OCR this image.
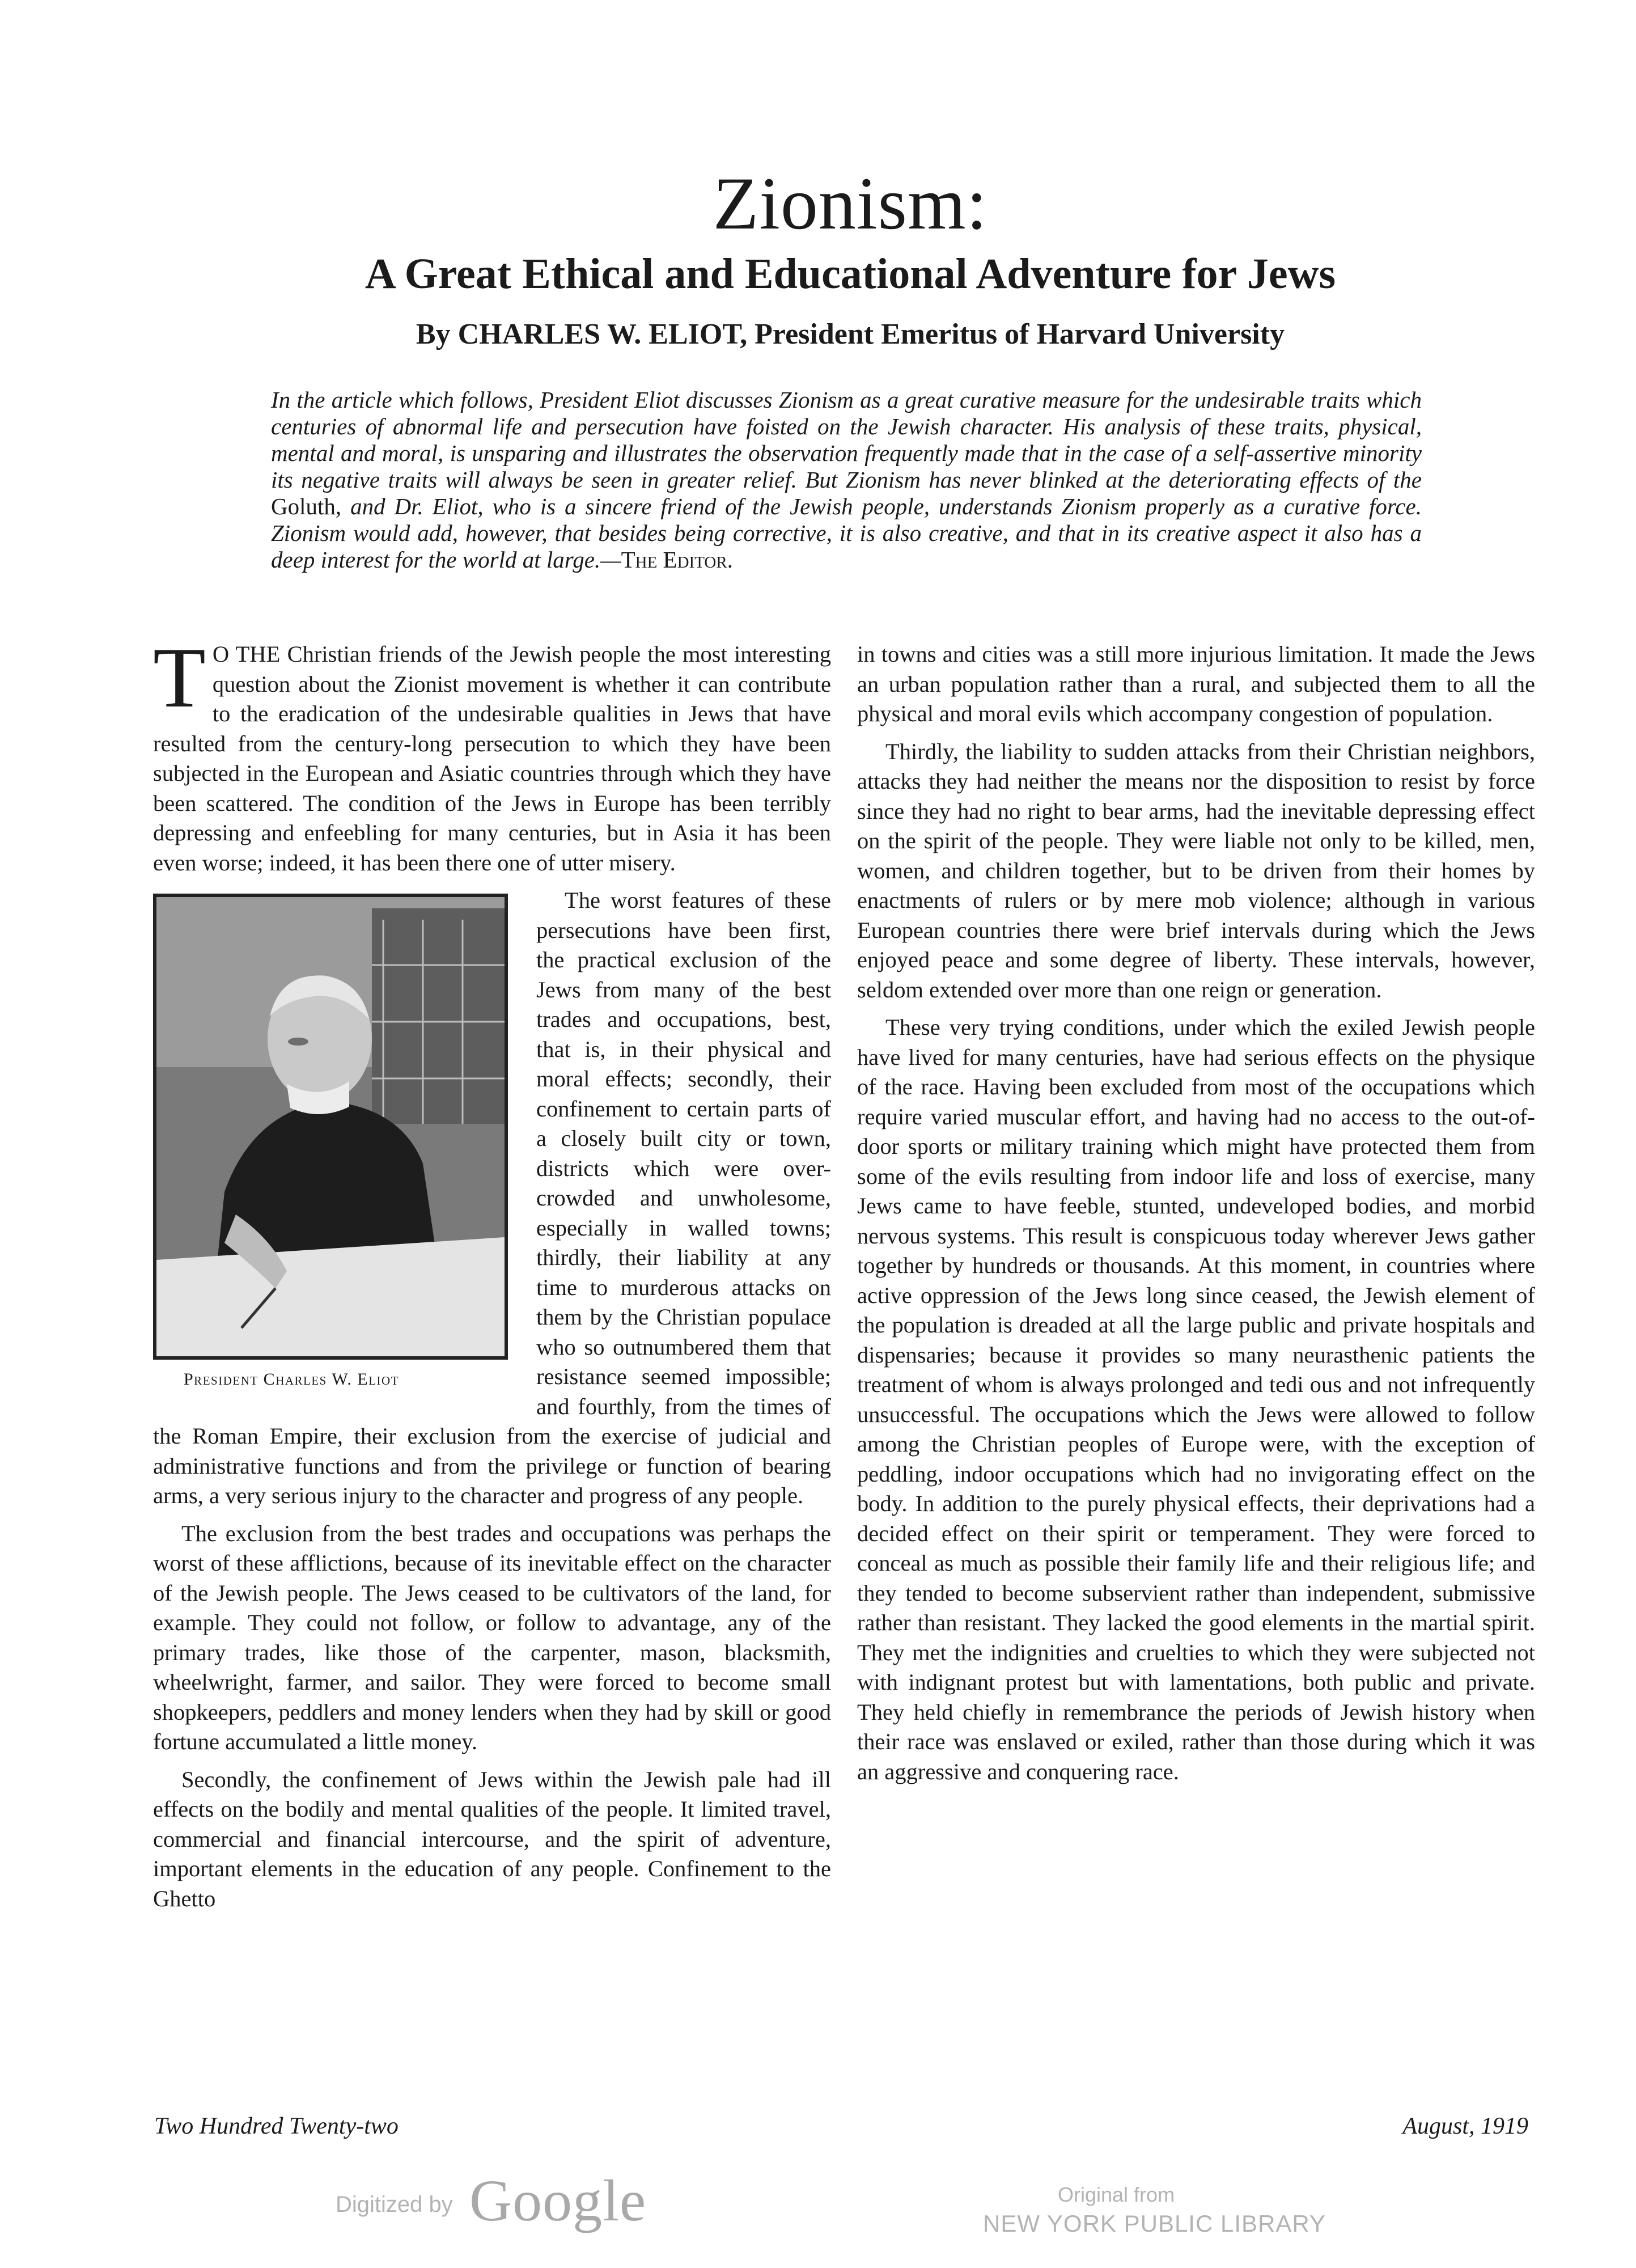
Zionism:
A Great Ethical and Educational Adventure for Jews
By CHARLES W. ELIOT, President Emeritus of Harvard University

In the article which follows, President Eliot discusses Zionism as a great curative measure for the undesirable traits which centuries of abnormal life and persecution have foisted on the Jewish character. His analysis of these traits, physical, mental and moral, is unsparing and illustrates the observation frequently made that in the case of a self-assertive minority its negative traits will always be seen in greater relief. But Zionism has never blinked at the deteriorating effects of the Goluth, and Dr. Eliot, who is a sincere friend of the Jewish people, understands Zionism properly as a curative force. Zionism would add, however, that besides being corrective, it is also creative, and that in its creative aspect it also has a deep interest for the world at large.—The Editor.

T O THE Christian friends of the Jewish people the most interesting question about the Zionist movement is whether it can contribute to the eradication of the undesirable qualities in Jews that have resulted from the century-long persecution to which they have been subjected in the European and Asiatic countries through which they have been scattered. The condition of the Jews in Europe has been terribly depressing and enfeebling for many centuries, but in Asia it has been even worse; indeed, it has been there one of utter misery.

President Charles W. Eliot

The worst features of these persecutions have been first, the practical exclusion of the Jews from many of the best trades and occupations, best, that is, in their physical and moral effects; secondly, their confinement to certain parts of a closely built city or town, districts which were over-crowded and unwholesome, especially in walled towns; thirdly, their liability at any time to murderous attacks on them by the Christian populace who so outnumbered them that resistance seemed impossible; and fourthly, from the times of the Roman Empire, their exclusion from the exercise of judicial and administrative functions and from the privilege or function of bearing arms, a very serious injury to the character and progress of any people.

The exclusion from the best trades and occupations was perhaps the worst of these afflictions, because of its inevitable effect on the character of the Jewish people. The Jews ceased to be cultivators of the land, for example. They could not follow, or follow to advantage, any of the primary trades, like those of the carpenter, mason, blacksmith, wheelwright, farmer, and sailor. They were forced to become small shopkeepers, peddlers and money lenders when they had by skill or good fortune accumulated a little money.

Secondly, the confinement of Jews within the Jewish pale had ill effects on the bodily and mental qualities of the people. It limited travel, commercial and financial intercourse, and the spirit of adventure, important elements in the education of any people. Confinement to the Ghetto

in towns and cities was a still more injurious limitation. It made the Jews an urban population rather than a rural, and subjected them to all the physical and moral evils which accompany congestion of population.

Thirdly, the liability to sudden attacks from their Christian neighbors, attacks they had neither the means nor the disposition to resist by force since they had no right to bear arms, had the inevitable depressing effect on the spirit of the people. They were liable not only to be killed, men, women, and children together, but to be driven from their homes by enactments of rulers or by mere mob violence; although in various European countries there were brief intervals during which the Jews enjoyed peace and some degree of liberty. These intervals, however, seldom extended over more than one reign or generation.

These very trying conditions, under which the exiled Jewish people have lived for many centuries, have had serious effects on the physique of the race. Having been excluded from most of the occupations which require varied muscular effort, and having had no access to the out-of-door sports or military training which might have protected them from some of the evils resulting from indoor life and loss of exercise, many Jews came to have feeble, stunted, undeveloped bodies, and morbid nervous systems. This result is conspicuous today wherever Jews gather together by hundreds or thousands. At this moment, in countries where active oppression of the Jews long since ceased, the Jewish element of the population is dreaded at all the large public and private hospitals and dispensaries; because it provides so many neurasthenic patients the treatment of whom is always prolonged and tedi ous and not infrequently unsuccessful. The occupations which the Jews were allowed to follow among the Christian peoples of Europe were, with the exception of peddling, indoor occupations which had no invigorating effect on the body. In addition to the purely physical effects, their deprivations had a decided effect on their spirit or temperament. They were forced to conceal as much as possible their family life and their religious life; and they tended to become subservient rather than independent, submissive rather than resistant. They lacked the good elements in the martial spirit. They met the indignities and cruelties to which they were subjected not with indignant protest but with lamentations, both public and private. They held chiefly in remembrance the periods of Jewish history when their race was enslaved or exiled, rather than those during which it was an aggressive and conquering race.

Two Hundred Twenty-two	August, 1919
Digitized by Google	Original from
NEW YORK PUBLIC LIBRARY
